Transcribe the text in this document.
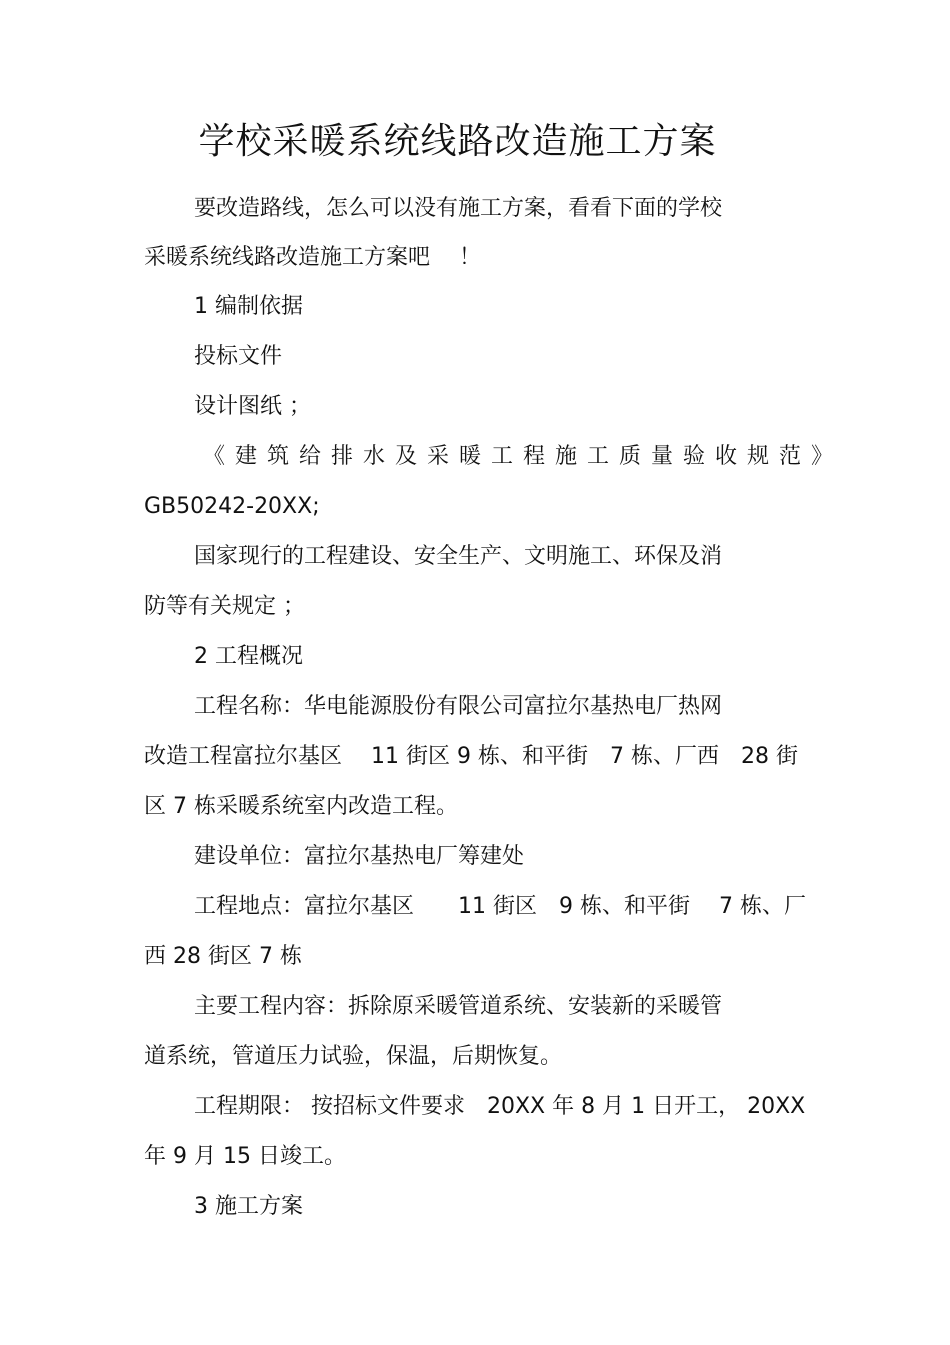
学校采暖系统线路改造施工方案
要改造路线，怎么可以没有施工方案，看看下面的学校
采暖系统线路改造施工方案吧　 ！
1 编制依据
投标文件
设计图纸 ；
《建筑给排水及采暖工程施工质量验收规范》
GB50242-20XX;
国家现行的工程建设、安全生产、文明施工、环保及消
防等有关规定 ；
2 工程概况
工程名称：华电能源股份有限公司富拉尔基热电厂热网
改造工程富拉尔基区　 11 街区 9 栋、和平街　7 栋、厂西　28 街
区 7 栋采暖系统室内改造工程。
建设单位：富拉尔基热电厂筹建处
工程地点：富拉尔基区　　11 街区　9 栋、和平街　 7 栋、厂
西 28 街区 7 栋
主要工程内容：拆除原采暖管道系统、安装新的采暖管
道系统，管道压力试验，保温，后期恢复。
工程期限： 按招标文件要求　20XX 年 8 月 1 日开工， 20XX
年 9 月 15 日竣工。
3 施工方案
